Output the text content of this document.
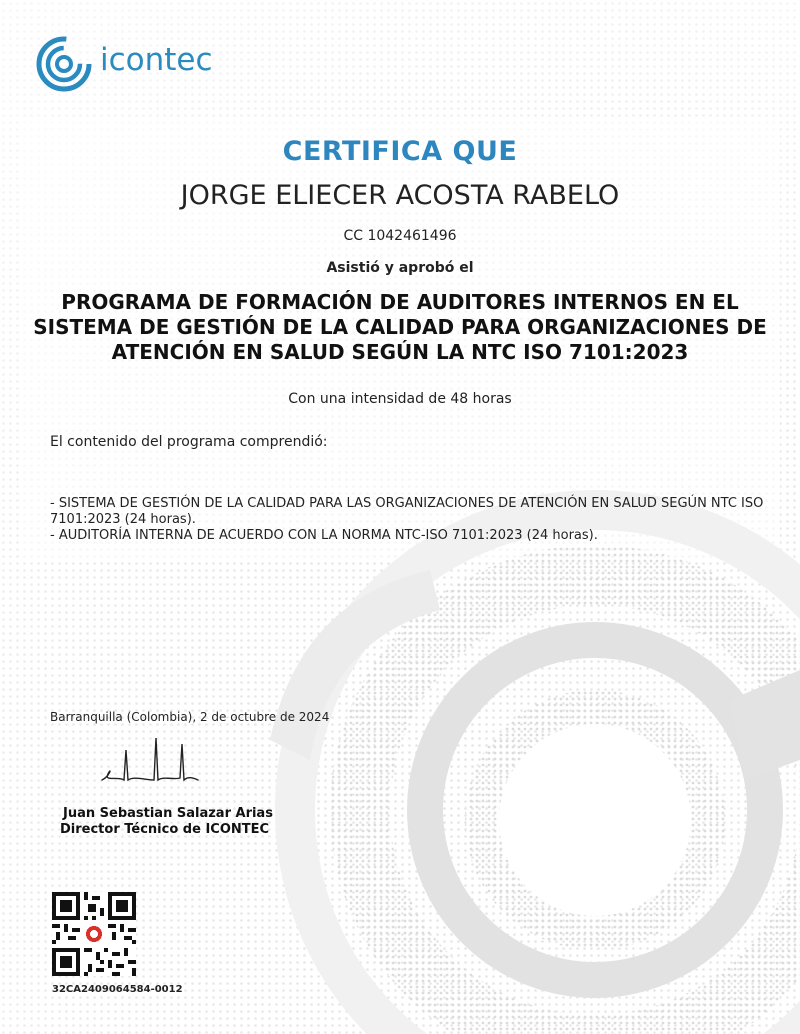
icontec
CERTIFICA QUE
JORGE ELIECER ACOSTA RABELO
CC 1042461496
Asistió y aprobó el
PROGRAMA DE FORMACIÓN DE AUDITORES INTERNOS EN EL
SISTEMA DE GESTIÓN DE LA CALIDAD PARA ORGANIZACIONES DE
ATENCIÓN EN SALUD SEGÚN LA NTC ISO 7101:2023
Con una intensidad de 48 horas
El contenido del programa comprendió:

- SISTEMA DE GESTIÓN DE LA CALIDAD PARA LAS ORGANIZACIONES DE ATENCIÓN EN SALUD SEGÚN NTC ISO 7101:2023 (24 horas).

- AUDITORÍA INTERNA DE ACUERDO CON LA NORMA NTC-ISO 7101:2023 (24 horas).

Barranquilla (Colombia), 2 de octubre de 2024
Juan Sebastian Salazar Arias
Director Técnico de ICONTEC
32CA2409064584-0012
